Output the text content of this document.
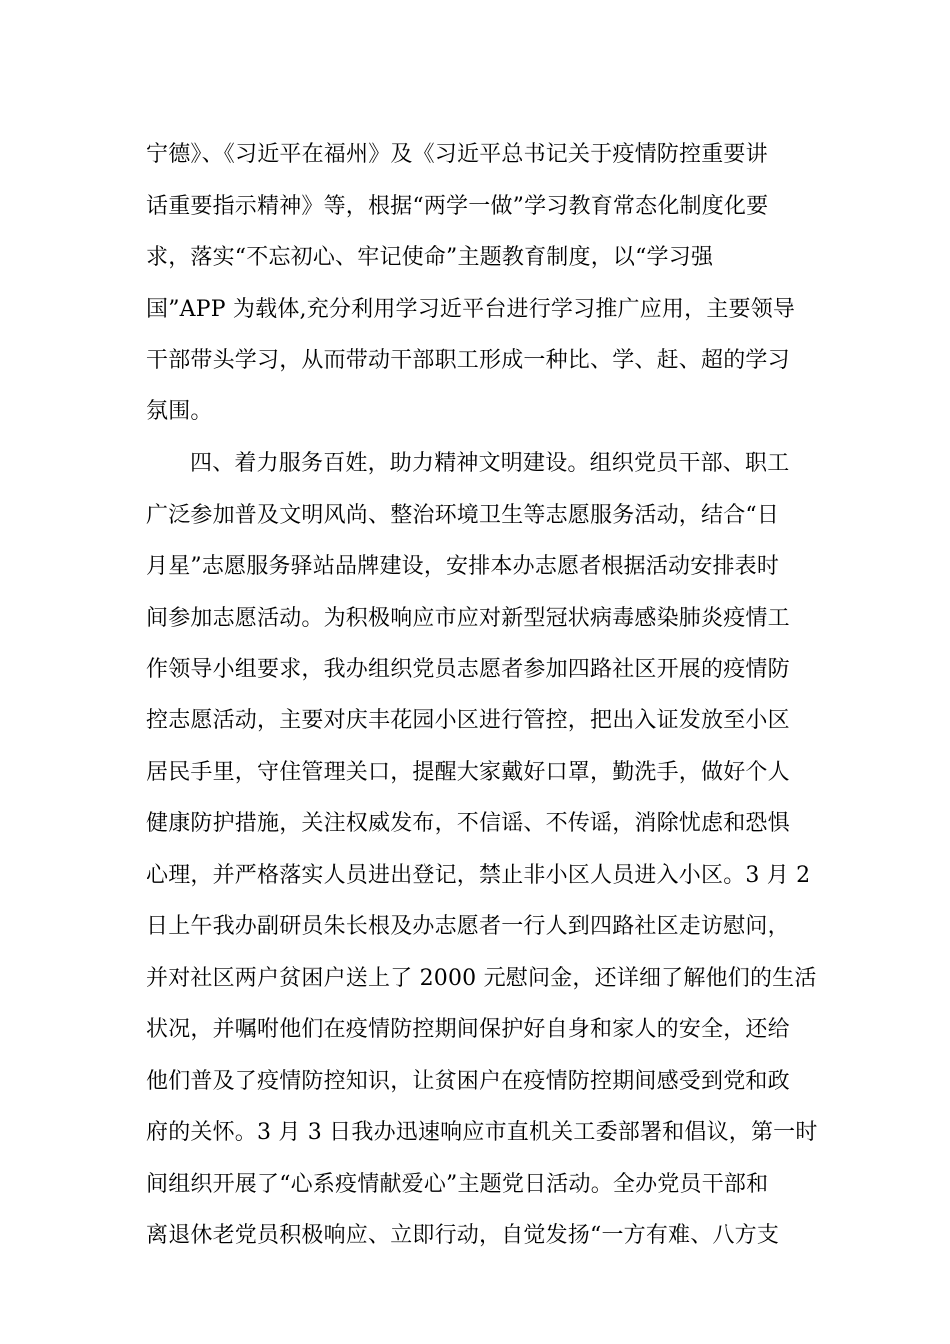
宁德》、《习近平在福州》及《习近平总书记关于疫情防控重要讲
话重要指示精神》等，根据“两学一做”学习教育常态化制度化要
求，落实“不忘初心、牢记使命”主题教育制度，以“学习强
国”APP 为载体,充分利用学习近平台进行学习推广应用，主要领导
干部带头学习，从而带动干部职工形成一种比、学、赶、超的学习
氛围。
四、着力服务百姓，助力精神文明建设。组织党员干部、职工
广泛参加普及文明风尚、整治环境卫生等志愿服务活动，结合“日
月星”志愿服务驿站品牌建设，安排本办志愿者根据活动安排表时
间参加志愿活动。为积极响应市应对新型冠状病毒感染肺炎疫情工
作领导小组要求，我办组织党员志愿者参加四路社区开展的疫情防
控志愿活动，主要对庆丰花园小区进行管控，把出入证发放至小区
居民手里，守住管理关口，提醒大家戴好口罩，勤洗手，做好个人
健康防护措施，关注权威发布，不信谣、不传谣，消除忧虑和恐惧
心理，并严格落实人员进出登记，禁止非小区人员进入小区。3 月 2
日上午我办副研员朱长根及办志愿者一行人到四路社区走访慰问，
并对社区两户贫困户送上了 2000 元慰问金，还详细了解他们的生活
状况，并嘱咐他们在疫情防控期间保护好自身和家人的安全，还给
他们普及了疫情防控知识，让贫困户在疫情防控期间感受到党和政
府的关怀。3 月 3 日我办迅速响应市直机关工委部署和倡议，第一时
间组织开展了“心系疫情献爱心”主题党日活动。全办党员干部和
离退休老党员积极响应、立即行动，自觉发扬“一方有难、八方支
